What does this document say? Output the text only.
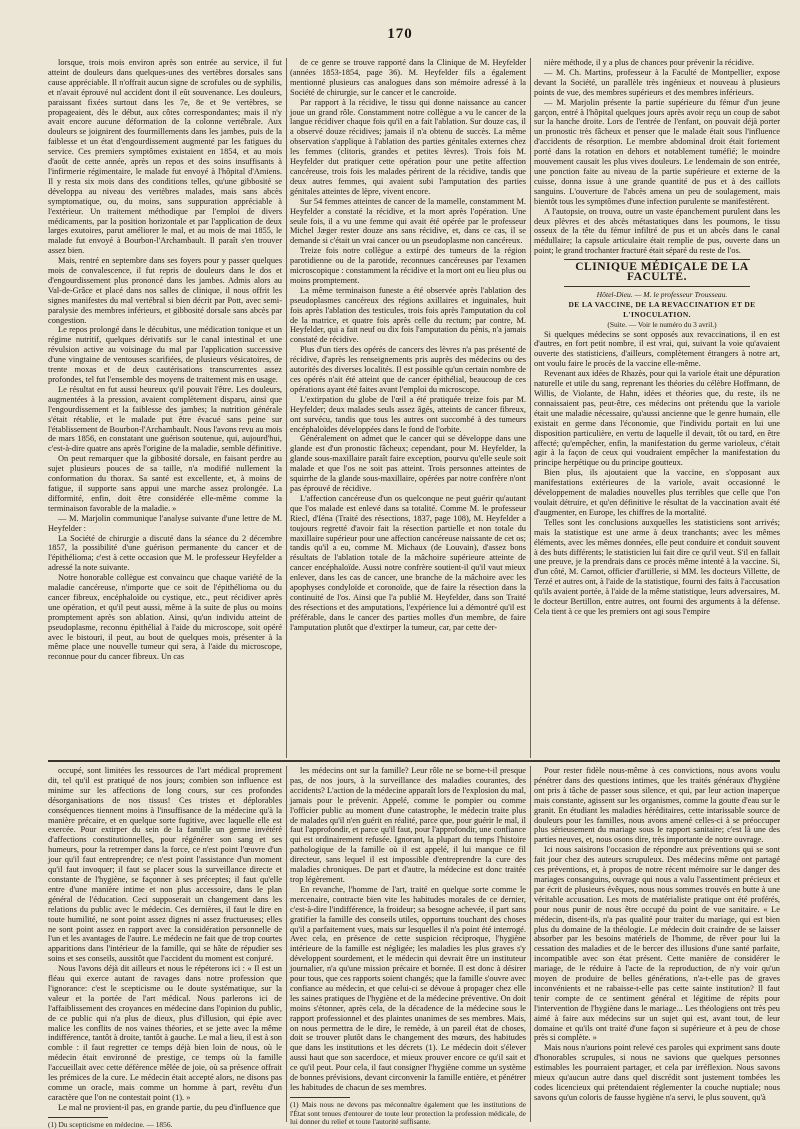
170

lorsque, trois mois environ après son entrée au service, il fut atteint de douleurs dans quelques-unes des vertèbres dorsales sans cause appréciable. Il n'offrait aucun signe de scrofules ou de syphilis, et n'avait éprouvé nul accident dont il eût souvenance. Les douleurs, paraissant fixées surtout dans les 7e, 8e et 9e vertèbres, se propageaient, dès le début, aux côtes correspondantes; mais il n'y avait encore aucune déformation de la colonne vertébrale. Aux douleurs se joignirent des fourmillements dans les jambes, puis de la faiblesse et un état d'engourdissement augmenté par les fatigues du service. Ces premiers symptômes existaient en 1854, et au mois d'août de cette année, après un repos et des soins insuffisants à l'infirmerie régimentaire, le malade fut envoyé à l'hôpital d'Amiens. Il y resta six mois dans des conditions telles, qu'une gibbosité se développa au niveau des vertèbres malades, mais sans abcès symptomatique, ou, du moins, sans suppuration appréciable à l'extérieur. Un traitement méthodique par l'emploi de divers médicaments, par la position horizontale et par l'application de deux larges exutoires, parut améliorer le mal, et au mois de mai 1855, le malade fut envoyé à Bourbon-l'Archambault. Il paraît s'en trouver assez bien.

Mais, rentré en septembre dans ses foyers pour y passer quelques mois de convalescence, il fut repris de douleurs dans le dos et d'engourdissement plus prononcé dans les jambes. Admis alors au Val-de-Grâce et placé dans nos salles de clinique, il nous offrit les signes manifestes du mal vertébral si bien décrit par Pott, avec semi-paralysie des membres inférieurs, et gibbosité dorsale sans abcès par congestion.

Le repos prolongé dans le décubitus, une médication tonique et un régime nutritif, quelques dérivatifs sur le canal intestinal et une révulsion active au voisinage du mal par l'application successive d'une vingtaine de ventouses scarifiées, de plusieurs vésicatoires, de trente moxas et de deux cautérisations transcurrentes assez profondes, tel fut l'ensemble des moyens de traitement mis en usage.

Le résultat en fut aussi heureux qu'il pouvait l'être. Les douleurs, augmentées à la pression, avaient complètement disparu, ainsi que l'engourdissement et la faiblesse des jambes; la nutrition générale s'était rétablie, et le malade put être évacué sans peine sur l'établissement de Bourbon-l'Archambault. Nous l'avons revu au mois de mars 1856, en constatant une guérison soutenue, qui, aujourd'hui, c'est-à-dire quatre ans après l'origine de la maladie, semble définitive.

On peut remarquer que la gibbosité dorsale, en faisant perdre au sujet plusieurs pouces de sa taille, n'a modifié nullement la conformation du thorax. Sa santé est excellente, et, à moins de fatigue, il supporte sans appui une marche assez prolongée. La difformité, enfin, doit être considérée elle-même comme la terminaison favorable de la maladie. »

— M. Marjolin communique l'analyse suivante d'une lettre de M. Heyfelder :

La Société de chirurgie a discuté dans la séance du 2 décembre 1857, la possibilité d'une guérison permanente du cancer et de l'épithélioma; c'est à cette occasion que M. le professeur Heyfelder a adressé la note suivante.

Notre honorable collègue est convaincu que chaque variété de la maladie cancéreuse, n'importe que ce soit de l'épithélioma ou du cancer fibreux, encéphaloïde ou cystique, etc., peut récidiver après une opération, et qu'il peut aussi, même à la suite de plus ou moins promptement après son ablation. Ainsi, qu'un individu atteint de pseudoplasme, reconnu épithélial à l'aide du microscope, soit opéré avec le bistouri, il peut, au bout de quelques mois, présenter à la même place une nouvelle tumeur qui sera, à l'aide du microscope, reconnue pour du cancer fibreux. Un cas

de ce genre se trouve rapporté dans la Clinique de M. Heyfelder (années 1853-1854, page 36). M. Heyfelder fils a également mentionné plusieurs cas analogues dans son mémoire adressé à la Société de chirurgie, sur le cancer et le cancroïde.

Par rapport à la récidive, le tissu qui donne naissance au cancer joue un grand rôle. Constamment notre collègue a vu le cancer de la langue récidiver chaque fois qu'il en a fait l'ablation. Sur douze cas, il a observé douze récidives; jamais il n'a obtenu de succès. La même observation s'applique à l'ablation des parties génitales externes chez les femmes (clitoris, grandes et petites lèvres). Trois fois M. Heyfelder dut pratiquer cette opération pour une petite affection cancéreuse, trois fois les malades périrent de la récidive, tandis que deux autres femmes, qui avaient subi l'amputation des parties génitales atteintes de lèpre, vivent encore.

Sur 54 femmes atteintes de cancer de la mamelle, constamment M. Heyfelder a constaté la récidive, et la mort après l'opération. Une seule fois, il a vu une femme qui avait été opérée par le professeur Michel Jæger rester douze ans sans récidive, et, dans ce cas, il se demande si c'était un vrai cancer ou un pseudoplasme non cancéreux.

Treize fois notre collègue a extirpé des tumeurs de la région parotidienne ou de la parotide, reconnues cancéreuses par l'examen microscopique : constamment la récidive et la mort ont eu lieu plus ou moins promptement.

La même terminaison funeste a été observée après l'ablation des pseudoplasmes cancéreux des régions axillaires et inguinales, huit fois après l'ablation des testicules, trois fois après l'amputation du col de la matrice, et quatre fois après celle du rectum; par contre, M. Heyfelder, qui a fait neuf ou dix fois l'amputation du pénis, n'a jamais constaté de récidive.

Plus d'un tiers des opérés de cancers des lèvres n'a pas présenté de récidive, d'après les renseignements pris auprès des médecins ou des autorités des diverses localités. Il est possible qu'un certain nombre de ces opérés n'ait été atteint que de cancer épithélial, beaucoup de ces opérations ayant été faites avant l'emploi du microscope.

L'extirpation du globe de l'œil a été pratiquée treize fois par M. Heyfelder; deux malades seuls assez âgés, atteints de cancer fibreux, ont survécu, tandis que tous les autres ont succombé à des tumeurs encéphaloïdes développées dans le fond de l'orbite.

Généralement on admet que le cancer qui se développe dans une glande est d'un pronostic fâcheux; cependant, pour M. Heyfelder, la glande sous-maxillaire paraît faire exception, pourvu qu'elle seule soit malade et que l'os ne soit pas atteint. Trois personnes atteintes de squirrhe de la glande sous-maxillaire, opérées par notre confrère n'ont pas éprouvé de récidive.

L'affection cancéreuse d'un os quelconque ne peut guérir qu'autant que l'os malade est enlevé dans sa totalité. Comme M. le professeur Riecl, d'Iéna (Traité des résections, 1837, page 108), M. Heyfelder a toujours regretté d'avoir fait la résection partielle et non totale du maxillaire supérieur pour une affection cancéreuse naissante de cet os; tandis qu'il a eu, comme M. Michaux (de Louvain), d'assez bons résultats de l'ablation totale de la mâchoire supérieure atteinte de cancer encéphaloïde. Aussi notre confrère soutient-il qu'il vaut mieux enlever, dans les cas de cancer, une branche de la mâchoire avec les apophyses condyloïde et coronoïde, que de faire la résection dans la continuité de l'os. Ainsi que l'a publié M. Heyfelder, dans son Traité des résections et des amputations, l'expérience lui a démontré qu'il est préférable, dans le cancer des parties molles d'un membre, de faire l'amputation plutôt que d'extirper la tumeur, car, par cette der-

nière méthode, il y a plus de chances pour prévenir la récidive.

— M. Ch. Martins, professeur à la Faculté de Montpellier, expose devant la Société, un parallèle très ingénieux et nouveau à plusieurs points de vue, des membres supérieurs et des membres inférieurs.

— M. Marjolin présente la partie supérieure du fémur d'un jeune garçon, entré à l'hôpital quelques jours après avoir reçu un coup de sabot sur la hanche droite. Lors de l'entrée de l'enfant, on pouvait déjà porter un pronostic très fâcheux et penser que le malade était sous l'influence d'accidents de résorption. Le membre abdominal droit était fortement porté dans la rotation en dehors et notablement tuméfié; le moindre mouvement causait les plus vives douleurs. Le lendemain de son entrée, une ponction faite au niveau de la partie supérieure et externe de la cuisse, donna issue à une grande quantité de pus et à des caillots sanguins. L'ouverture de l'abcès amena un peu de soulagement, mais bientôt tous les symptômes d'une infection purulente se manifestèrent.

A l'autopsie, on trouva, outre un vaste épanchement purulent dans les deux plèvres et des abcès métastatiques dans les poumons, le tissu osseux de la tête du fémur infiltré de pus et un abcès dans le canal médullaire; la capsule articulaire était remplie de pus, ouverte dans un point; le grand trochanter fracturé était séparé du reste de l'os.

CLINIQUE MÉDICALE DE LA FACULTÉ.

Hôtel-Dieu. — M. le professeur Trousseau.

DE LA VACCINE, DE LA REVACCINATION ET DE L'INOCULATION.

(Suite. — Voir le numéro du 3 avril.)

Si quelques médecins se sont opposés aux revaccinations, il en est d'autres, en fort petit nombre, il est vrai, qui, suivant la voie qu'avaient ouverte des statisticiens, d'ailleurs, complètement étrangers à notre art, ont voulu faire le procès de la vaccine elle-même.

Revenant aux idées de Rhazès, pour qui la variole était une dépuration naturelle et utile du sang, reprenant les théories du célèbre Hoffmann, de Willis, de Violante, de Hahn, idées et théories que, du reste, ils ne connaissaient pas, peut-être, ces médecins ont prétendu que la variole était une maladie nécessaire, qu'aussi ancienne que le genre humain, elle existait en germe dans l'économie, que l'individu portait en lui une disposition particulière, en vertu de laquelle il devait, tôt ou tard, en être affecté; qu'empêcher, enfin, la manifestation du germe varioleux, c'était agir à la façon de ceux qui voudraient empêcher la manifestation du principe herpétique ou du principe goutteux.

Bien plus, ils ajoutaient que la vaccine, en s'opposant aux manifestations extérieures de la variole, avait occasionné le développement de maladies nouvelles plus terribles que celle que l'on voulait détruire, et qu'en définitive le résultat de la vaccination avait été d'augmenter, en Europe, les chiffres de la mortalité.

Telles sont les conclusions auxquelles les statisticiens sont arrivés; mais la statistique est une arme à deux tranchants; avec les mêmes éléments, avec les mêmes données, elle peut conduire et conduit souvent à des buts différents; le statisticien lui fait dire ce qu'il veut. S'il en fallait une preuve, je la prendrais dans ce procès même intenté à la vaccine. Si, d'un côté, M. Carnot, officier d'artillerie, si MM. les docteurs Villette, de Terzé et autres ont, à l'aide de la statistique, fourni des faits à l'accusation qu'ils avaient portée, à l'aide de la même statistique, leurs adversaires, M. le docteur Bertillon, entre autres, ont fourni des arguments à la défense. Cela tient à ce que les premiers ont agi sous l'empire

occupé, sont limitées les ressources de l'art médical proprement dit, tel qu'il est pratiqué de nos jours; combien son influence est minime sur les affections de long cours, sur ces profondes désorganisations de nos tissus! Ces tristes et déplorables conséquences tiennent moins à l'insuffisance de la médecine qu'à la manière précaire, et en quelque sorte fugitive, avec laquelle elle est exercée. Pour extirper du sein de la famille un germe invétéré d'affections constitutionnelles, pour régénérer son sang et ses humeurs, pour la retremper dans la force, ce n'est point l'œuvre d'un jour qu'il faut entreprendre; ce n'est point l'assistance d'un moment qu'il faut invoquer; il faut se placer sous la surveillance directe et constante de l'hygiène, se façonner à ses préceptes; il faut qu'elle entre d'une manière intime et non plus accessoire, dans le plan général de l'éducation. Ceci supposerait un changement dans les relations du public avec le médecin. Ces dernières, il faut le dire en toute humilité, ne sont point assez dignes ni assez fructueuses; elles ne sont point assez en rapport avec la considération personnelle de l'un et les avantages de l'autre. Le médecin ne fait que de trop courtes apparitions dans l'intérieur de la famille, qui se hâte de répudier ses soins et ses conseils, aussitôt que l'accident du moment est conjuré.

Nous l'avons déjà dit ailleurs et nous le répéterons ici : « Il est un fléau qui exerce autant de ravages dans notre profession que l'ignorance: c'est le scepticisme ou le doute systématique, sur la valeur et la portée de l'art médical. Nous parlerons ici de l'affaiblissement des croyances en médecine dans l'opinion du public, de ce public qui n'a plus de dieux, plus d'illusion, qui épie avec malice les conflits de nos vaines théories, et se jette avec la même indifférence, tantôt à droite, tantôt à gauche. Le mal a lieu, il est à son comble : il faut regretter ce temps déjà bien loin de nous, où le médecin était environné de prestige, ce temps où la famille l'accueillait avec cette déférence mêlée de joie, où sa présence offrait les prémices de la cure. Le médecin était accepté alors, ne disons pas comme un oracle, mais comme un homme à part, revêtu d'un caractère que l'on ne contestait point (1). »

Le mal ne provient-il pas, en grande partie, du peu d'influence que

(1) Du scepticisme en médecine. — 1856.

les médecins ont sur la famille? Leur rôle ne se borne-t-il presque pas, de nos jours, à la surveillance des maladies courantes, des accidents? L'action de la médecine apparaît lors de l'explosion du mal, jamais pour le prévenir. Appelé, comme le pompier ou comme l'officier public au moment d'une catastrophe, le médecin traite plus de malades qu'il n'en guérit en réalité, parce que, pour guérir le mal, il faut l'approfondir, et parce qu'il faut, pour l'approfondir, une confiance qui est ordinairement refusée. Ignorant, la plupart du temps l'histoire pathologique de la famille où il est appelé, il lui manque ce fil directeur, sans lequel il est impossible d'entreprendre la cure des maladies chroniques. De part et d'autre, la médecine est donc traitée trop légèrement.

En revanche, l'homme de l'art, traité en quelque sorte comme le mercenaire, contracte bien vite les habitudes morales de ce dernier, c'est-à-dire l'indifférence, la froideur; sa besogne achevée, il part sans gratifier la famille des conseils utiles, opportuns touchant des choses qu'il a parfaitement vues, mais sur lesquelles il n'a point été interrogé. Avec cela, en présence de cette suspicion réciproque, l'hygiène intérieure de la famille est négligée; les maladies les plus graves s'y développent sourdement, et le médecin qui devrait être un instituteur journalier, n'a qu'une mission précaire et bornée. Il est donc à désirer pour tous, que ces rapports soient changés; que la famille s'ouvre avec confiance au médecin, et que celui-ci se dévoue à propager chez elle les saines pratiques de l'hygiène et de la médecine préventive. On doit moins s'étonner, après cela, de la décadence de la médecine sous le rapport professionnel et des plaintes unanimes de ses membres. Mais, on nous permettra de le dire, le remède, à un pareil état de choses, doit se trouver plutôt dans le changement des mœurs, des habitudes que dans les institutions et les décrets (1). Le médecin doit s'élever aussi haut que son sacerdoce, et mieux prouver encore ce qu'il sait et ce qu'il peut. Pour cela, il faut consigner l'hygiène comme un système de bonnes prévisions, devant circonvenir la famille entière, et pénétrer les habitudes de chacun de ses membres.

(1) Mais nous ne devons pas méconnaître également que les institutions de l'État sont tenues d'entourer de toute leur protection la profession médicale, de lui donner du relief et toute l'autorité suffisante.

Pour rester fidèle nous-même à ces convictions, nous avons voulu pénétrer dans des questions intimes, que les traités généraux d'hygiène ont pris à tâche de passer sous silence, et qui, par leur action inaperçue mais constante, agissent sur les organismes, comme la goutte d'eau sur le granit. En étudiant les maladies héréditaires, cette intarissable source de douleurs pour les familles, nous avons amené celles-ci à se préoccuper plus sérieusement du mariage sous le rapport sanitaire; c'est là une des parties neuves, et, nous osons dire, très importante de notre ouvrage.

Ici nous saisirons l'occasion de répondre aux préventions qui se sont fait jour chez des auteurs scrupuleux. Des médecins même ont partagé ces préventions, et, à propos de notre récent mémoire sur le danger des mariages consanguins, ouvrage qui nous a valu l'assentiment précieux et par écrit de plusieurs évêques, nous nous sommes trouvés en butte à une véritable accusation. Les mots de matérialiste pratique ont été proférés, pour nous punir de nous être occupé du point de vue sanitaire. « Le médecin, disent-ils, n'a pas qualité pour traiter du mariage, qui est bien plus du domaine de la théologie. Le médecin doit craindre de se laisser absorber par les besoins matériels de l'homme, de rêver pour lui la cessation des maladies et de le bercer des illusions d'une santé parfaite, incompatible avec son état présent. Cette manière de considérer le mariage, de le réduire à l'acte de la reproduction, de n'y voir qu'un moyen de produire de belles générations, n'a-t-elle pas de graves inconvénients et ne rabaisse-t-elle pas cette sainte institution? Il faut tenir compte de ce sentiment général et légitime de répits pour l'intervention de l'hygiène dans le mariage... Les théologiens ont très peu aimé à faire aux médecins sur un sujet qui est, avant tout, de leur domaine et qu'ils ont traité d'une façon si supérieure et à peu de chose près si complète. »

Mais nous n'aurions point relevé ces paroles qui expriment sans doute d'honorables scrupules, si nous ne savions que quelques personnes estimables les pourraient partager, et cela par irréflexion. Nous savons mieux qu'aucun autre dans quel discrédit sont justement tombées les codes licencieux qui prétendaient réglementer la couche nuptiale; nous savons qu'un coloris de fausse hygiène n'a servi, le plus souvent, qu'à
